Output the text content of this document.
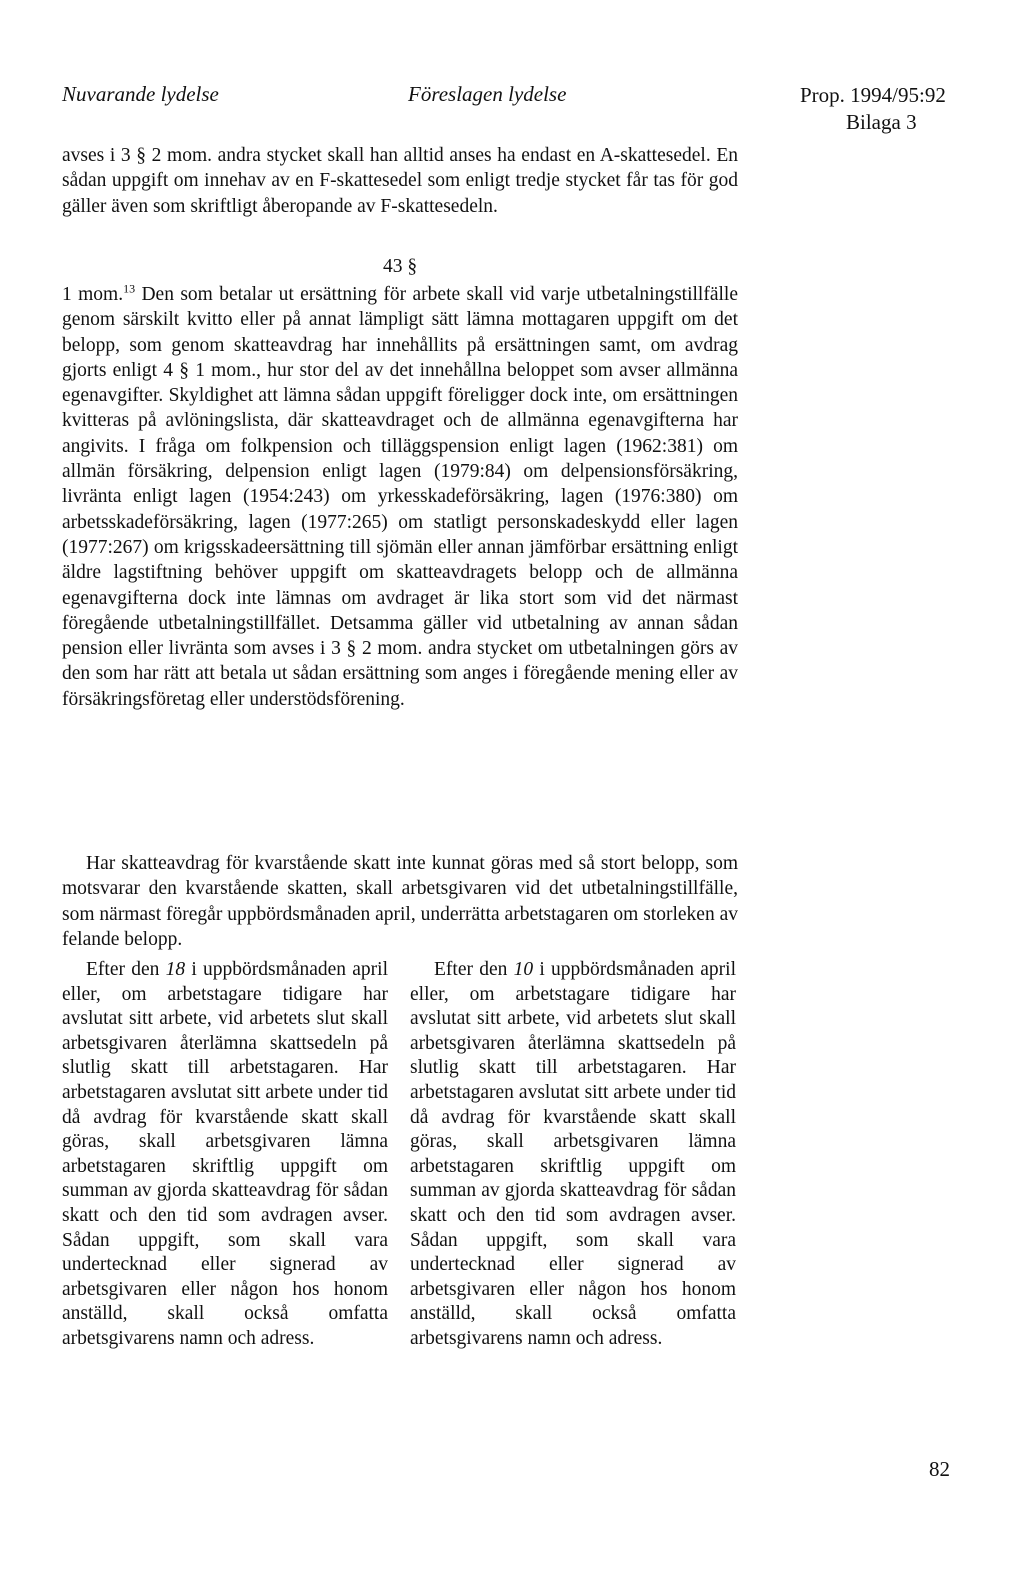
Nuvarande lydelse	Föreslagen lydelse	Prop. 1994/95:92
Bilaga 3

avses i 3 § 2 mom. andra stycket skall han alltid anses ha endast en A-skattesedel. En sådan uppgift om innehav av en F-skattesedel som enligt tredje stycket får tas för god gäller även som skriftligt åberopande av F-skattesedeln.

43 §

1 mom.$^{13}$ Den som betalar ut ersättning för arbete skall vid varje utbetalningstillfälle genom särskilt kvitto eller på annat lämpligt sätt lämna mottagaren uppgift om det belopp, som genom skatteavdrag har innehållits på ersättningen samt, om avdrag gjorts enligt 4 § 1 mom., hur stor del av det innehållna beloppet som avser allmänna egenavgifter. Skyldighet att lämna sådan uppgift föreligger dock inte, om ersättningen kvitteras på avlöningslista, där skatteavdraget och de allmänna egenavgifterna har angivits. I fråga om folkpension och tilläggspension enligt lagen (1962:381) om allmän försäkring, delpension enligt lagen (1979:84) om delpensionsförsäkring, livränta enligt lagen (1954:243) om yrkesskadeförsäkring, lagen (1976:380) om arbetsskadeförsäkring, lagen (1977:265) om statligt personskadeskydd eller lagen (1977:267) om krigsskadeersättning till sjömän eller annan jämförbar ersättning enligt äldre lagstiftning behöver uppgift om skatteavdragets belopp och de allmänna egenavgifterna dock inte lämnas om avdraget är lika stort som vid det närmast föregående utbetalningstillfället. Detsamma gäller vid utbetalning av annan sådan pension eller livränta som avses i 3 § 2 mom. andra stycket om utbetalningen görs av den som har rätt att betala ut sådan ersättning som anges i föregående mening eller av försäkringsföretag eller understödsförening.

Har skatteavdrag för kvarstående skatt inte kunnat göras med så stort belopp, som motsvarar den kvarstående skatten, skall arbetsgivaren vid det utbetalningstillfälle, som närmast föregår uppbördsmånaden april, underrätta arbetstagaren om storleken av felande belopp.

Efter den 18 i uppbördsmånaden april eller, om arbetstagare tidigare har avslutat sitt arbete, vid arbetets slut skall arbetsgivaren återlämna skattsedeln på slutlig skatt till arbetstagaren. Har arbetstagaren avslutat sitt arbete under tid då avdrag för kvarstående skatt skall göras, skall arbetsgivaren lämna arbetstagaren skriftlig uppgift om summan av gjorda skatteavdrag för sådan skatt och den tid som avdragen avser. Sådan uppgift, som skall vara undertecknad eller signerad av arbetsgivaren eller någon hos honom anställd, skall också omfatta arbetsgivarens namn och adress.

Efter den 10 i uppbördsmånaden april eller, om arbetstagare tidigare har avslutat sitt arbete, vid arbetets slut skall arbetsgivaren återlämna skattsedeln på slutlig skatt till arbetstagaren. Har arbetstagaren avslutat sitt arbete under tid då avdrag för kvarstående skatt skall göras, skall arbetsgivaren lämna arbetstagaren skriftlig uppgift om summan av gjorda skatteavdrag för sådan skatt och den tid som avdragen avser. Sådan uppgift, som skall vara undertecknad eller signerad av arbetsgivaren eller någon hos honom anställd, skall också omfatta arbetsgivarens namn och adress.

82
